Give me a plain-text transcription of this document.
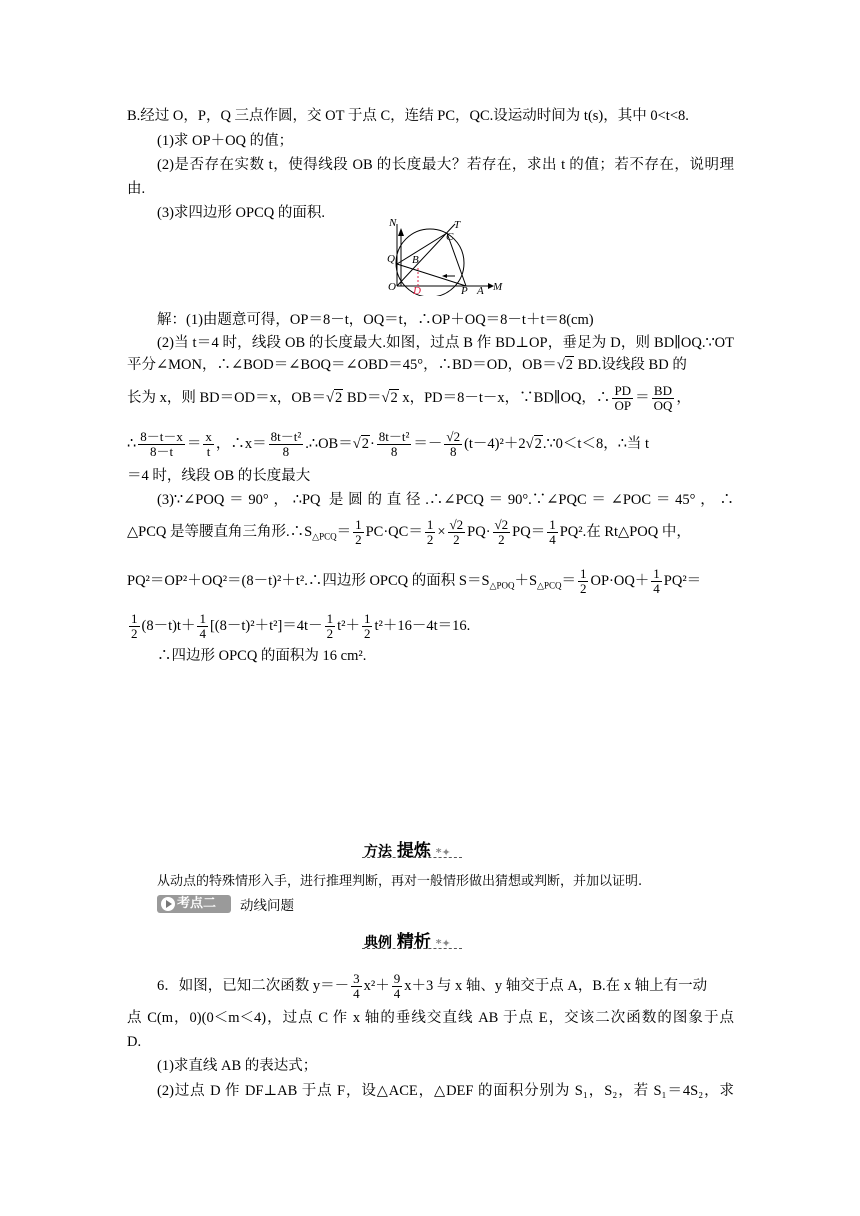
B.经过 O，P，Q 三点作圆，交 OT 于点 C，连结 PC，QC.设运动时间为 t(s)，其中 0<t<8.
(1)求 OP＋OQ 的值；
(2)是否存在实数 t，使得线段 OB 的长度最大？若存在，求出 t 的值；若不存在，说明理
由.
(3)求四边形 OPCQ 的面积.
N	T
C
Q B
O D	P A M
解：(1)由题意可得，OP＝8－t，OQ＝t，∴OP＋OQ＝8－t＋t＝8(cm)
(2)当 t＝4 时，线段 OB 的长度最大.如图，过点 B 作 BD⊥OP，垂足为 D，则 BD∥OQ.∵OT
平分∠MON，∴∠BOD＝∠BOQ＝∠OBD＝45°，∴BD＝OD，OB＝√2 BD.设线段 BD 的
长为 x，则 BD＝OD＝x，OB＝√2 BD＝√2 x，PD＝8－t－x，∵BD∥OQ，∴ $\frac{PD}{OP} = \frac{BD}{OQ}$ ，
∴ $\frac{8-t-x}{8-t} = \frac{x}{t}$ ，∴x＝ $\frac{\text{8t－t²}}{8}$ .∴OB＝√2· $\frac{\text{8t－t²}}{8} =- \frac{√2}{8}$ (t－4)²＋2√2.∵0＜t＜8，∴当 t
＝4 时，线段 OB 的长度最大
(3)∵∠POQ＝90°，∴PQ 是圆的直径.∴∠PCQ＝90°.∵∠PQC＝∠POC＝45°，∴
△PCQ 是等腰直角三角形$.\therefore S_{\triangle PCQ}= \frac{1}{2} PC\cdot QC= \frac{1}{2} \times \frac{√2}{2} PQ\cdot \frac{√2}{2} PQ= \frac{1}{4} PQ^2$.在 Rt△POQ 中，
PQ²＝OP²＋OQ²＝(8－t)²＋t².∴四边形 OPCQ 的面积 $S=S_{\triangle POQ}+S_{\triangle PCQ}= \frac{1}{2} OP\cdot OQ+ \frac{1}{4} PQ^2=$
$\frac{1}{2} (8-t)t+ \frac{1}{4} [(8-t)^2+t^2]=4t- \frac{1}{2} t^2+ \frac{1}{2} t^2+16-4t=16$.
∴四边形 OPCQ 的面积为 16 cm².
方法 提炼 *✦
从动点的特殊情形入手，进行推理判断，再对一般情形做出猜想或判断，并加以证明.
考点二	动线问题
典例 精析 *✦
6．如图，已知二次函数 $y=- \frac{3}{4} x^2+ \frac{9}{4} x+3$ 与 x 轴、y 轴交于点 A，B.在 x 轴上有一动
点 C(m，0)(0＜m＜4)，过点 C 作 x 轴的垂线交直线 AB 于点 E，交该二次函数的图象于点
D.
(1)求直线 AB 的表达式；
(2)过点 D 作 DF⊥AB 于点 F，设△ACE，△DEF 的面积分别为 S₁，S₂，若 S₁＝4S₂，求
